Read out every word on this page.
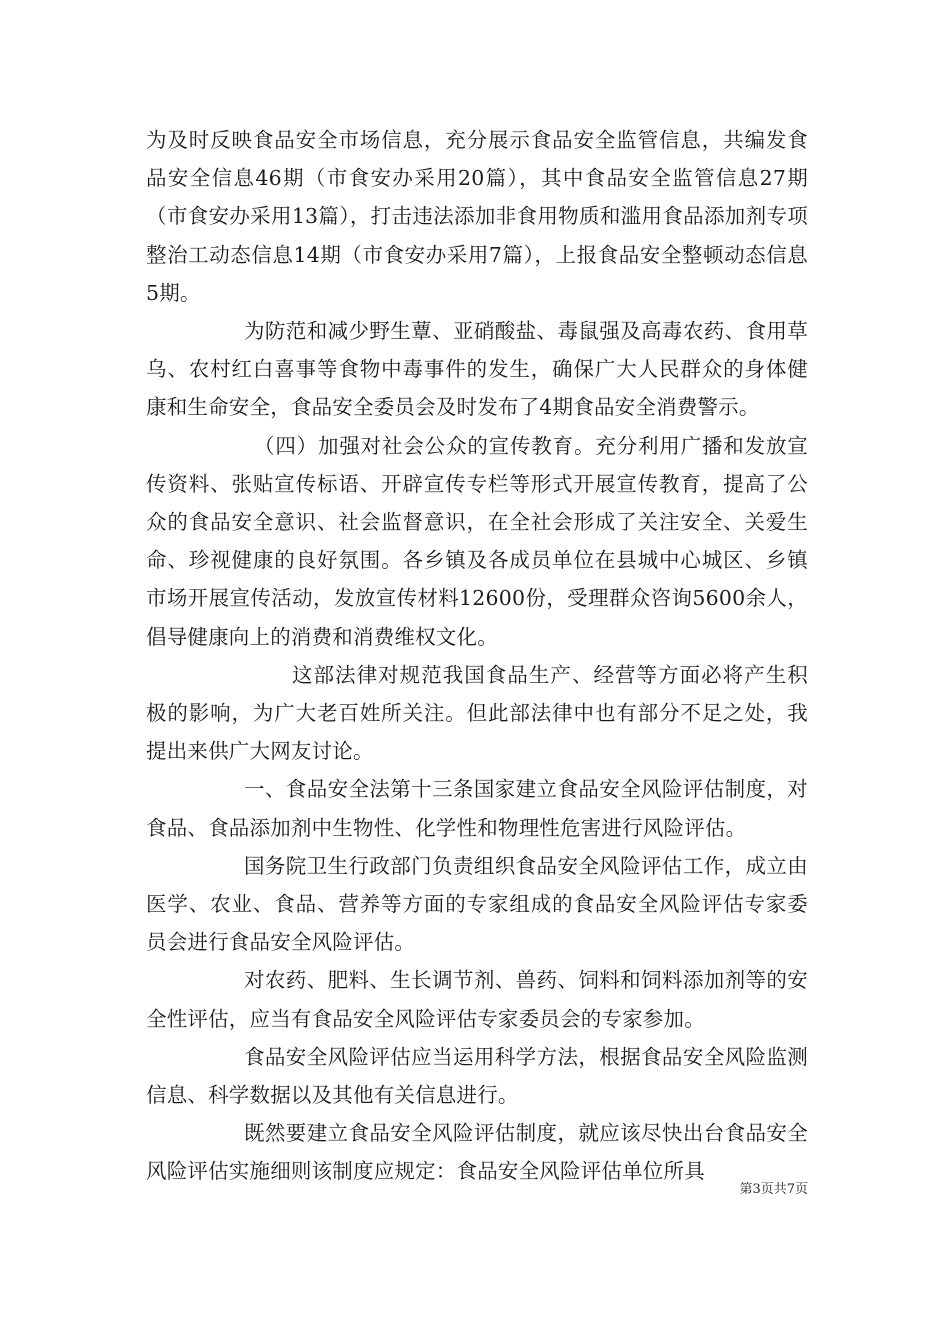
为及时反映食品安全市场信息，充分展示食品安全监管信息，共编发食品安全信息46期（市食安办采用20篇），其中食品安全监管信息27期（市食安办采用13篇），打击违法添加非食用物质和滥用食品添加剂专项整治工动态信息14期（市食安办采用7篇），上报食品安全整顿动态信息5期。

为防范和减少野生蕈、亚硝酸盐、毒鼠强及高毒农药、食用草乌、农村红白喜事等食物中毒事件的发生，确保广大人民群众的身体健康和生命安全，食品安全委员会及时发布了4期食品安全消费警示。

（四）加强对社会公众的宣传教育。充分利用广播和发放宣传资料、张贴宣传标语、开辟宣传专栏等形式开展宣传教育，提高了公众的食品安全意识、社会监督意识，在全社会形成了关注安全、关爱生命、珍视健康的良好氛围。各乡镇及各成员单位在县城中心城区、乡镇市场开展宣传活动，发放宣传材料12600份，受理群众咨询5600余人，倡导健康向上的消费和消费维权文化。

这部法律对规范我国食品生产、经营等方面必将产生积极的影响，为广大老百姓所关注。但此部法律中也有部分不足之处，我提出来供广大网友讨论。

一、食品安全法第十三条国家建立食品安全风险评估制度，对食品、食品添加剂中生物性、化学性和物理性危害进行风险评估。

国务院卫生行政部门负责组织食品安全风险评估工作，成立由医学、农业、食品、营养等方面的专家组成的食品安全风险评估专家委员会进行食品安全风险评估。

对农药、肥料、生长调节剂、兽药、饲料和饲料添加剂等的安全性评估，应当有食品安全风险评估专家委员会的专家参加。

食品安全风险评估应当运用科学方法，根据食品安全风险监测信息、科学数据以及其他有关信息进行。

既然要建立食品安全风险评估制度，就应该尽快出台食品安全风险评估实施细则该制度应规定：食品安全风险评估单位所具

第3页共7页
